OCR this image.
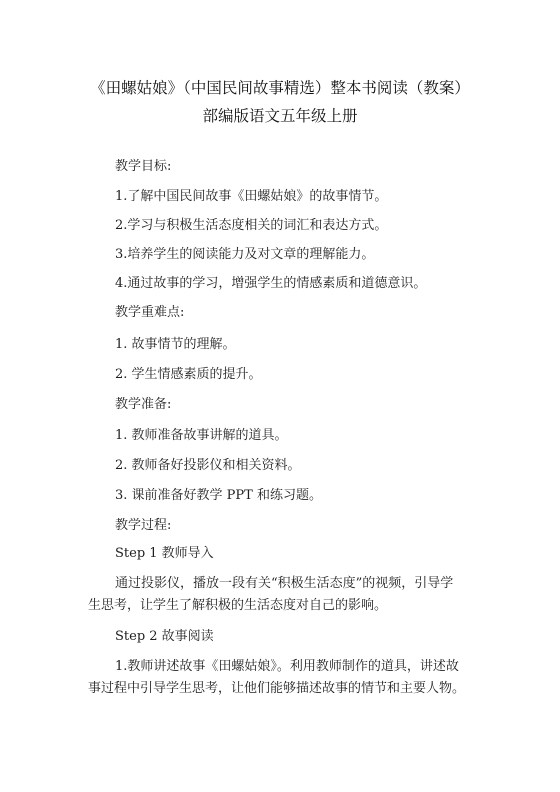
《田螺姑娘》（中国民间故事精选）整本书阅读（教案）
部编版语文五年级上册
教学目标:
1.了解中国民间故事《田螺姑娘》的故事情节。
2.学习与积极生活态度相关的词汇和表达方式。
3.培养学生的阅读能力及对文章的理解能力。
4.通过故事的学习，增强学生的情感素质和道德意识。
教学重难点:
1. 故事情节的理解。
2. 学生情感素质的提升。
教学准备:
1. 教师准备故事讲解的道具。
2. 教师备好投影仪和相关资料。
3. 课前准备好教学 PPT 和练习题。
教学过程:
Step 1 教师导入
通过投影仪，播放一段有关“积极生活态度”的视频，引导学
生思考，让学生了解积极的生活态度对自己的影响。
Step 2 故事阅读
1.教师讲述故事《田螺姑娘》。利用教师制作的道具，讲述故
事过程中引导学生思考，让他们能够描述故事的情节和主要人物。
